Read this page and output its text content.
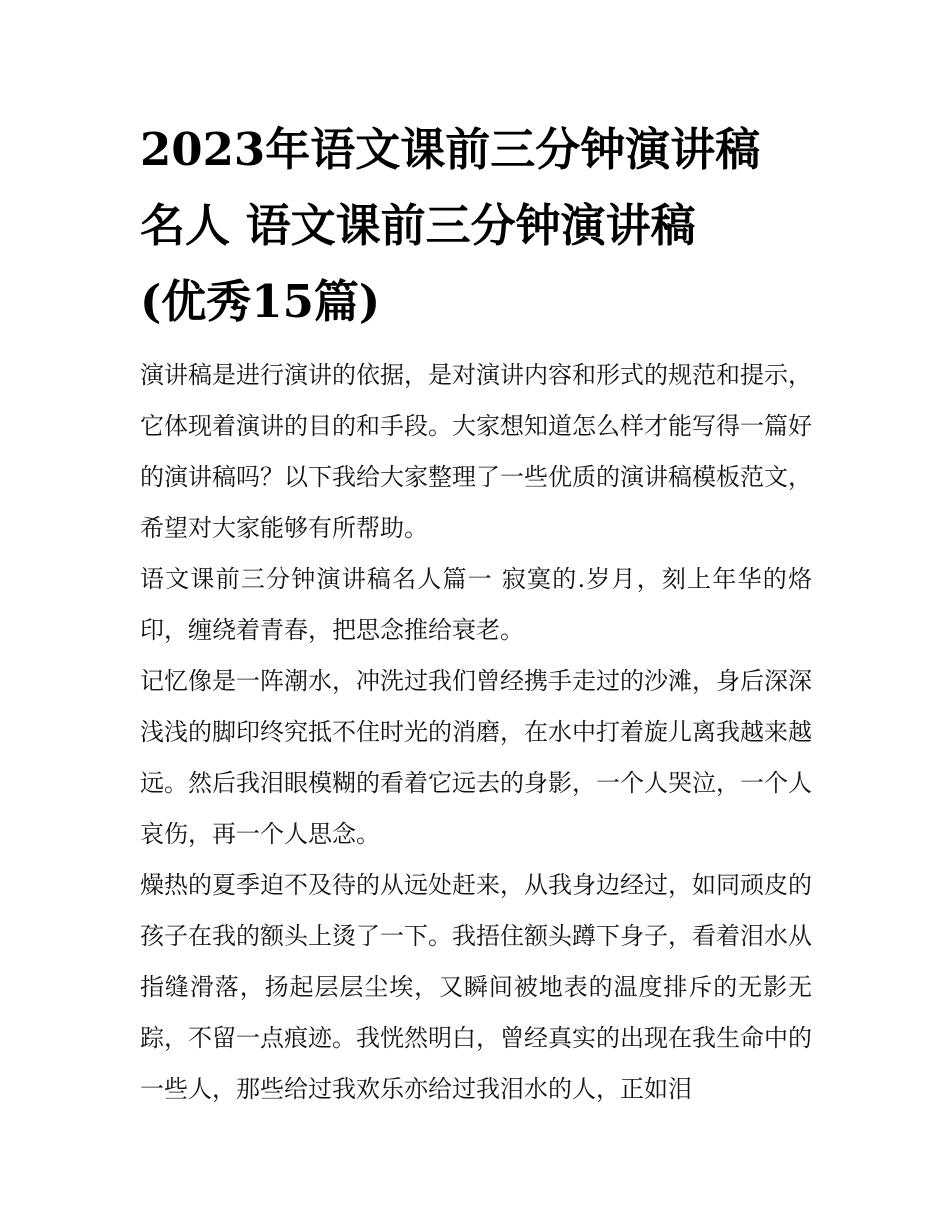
2023年语文课前三分钟演讲稿
名人 语文课前三分钟演讲稿
(优秀15篇)

演讲稿是进行演讲的依据，是对演讲内容和形式的规范和提示，它体现着演讲的目的和手段。大家想知道怎么样才能写得一篇好的演讲稿吗？以下我给大家整理了一些优质的演讲稿模板范文，希望对大家能够有所帮助。

语文课前三分钟演讲稿名人篇一 寂寞的.岁月，刻上年华的烙印，缠绕着青春，把思念推给衰老。

记忆像是一阵潮水，冲洗过我们曾经携手走过的沙滩，身后深深浅浅的脚印终究抵不住时光的消磨，在水中打着旋儿离我越来越远。然后我泪眼模糊的看着它远去的身影，一个人哭泣，一个人哀伤，再一个人思念。

燥热的夏季迫不及待的从远处赶来，从我身边经过，如同顽皮的孩子在我的额头上烫了一下。我捂住额头蹲下身子，看着泪水从指缝滑落，扬起层层尘埃，又瞬间被地表的温度排斥的无影无踪，不留一点痕迹。我恍然明白，曾经真实的出现在我生命中的一些人，那些给过我欢乐亦给过我泪水的人，正如泪
